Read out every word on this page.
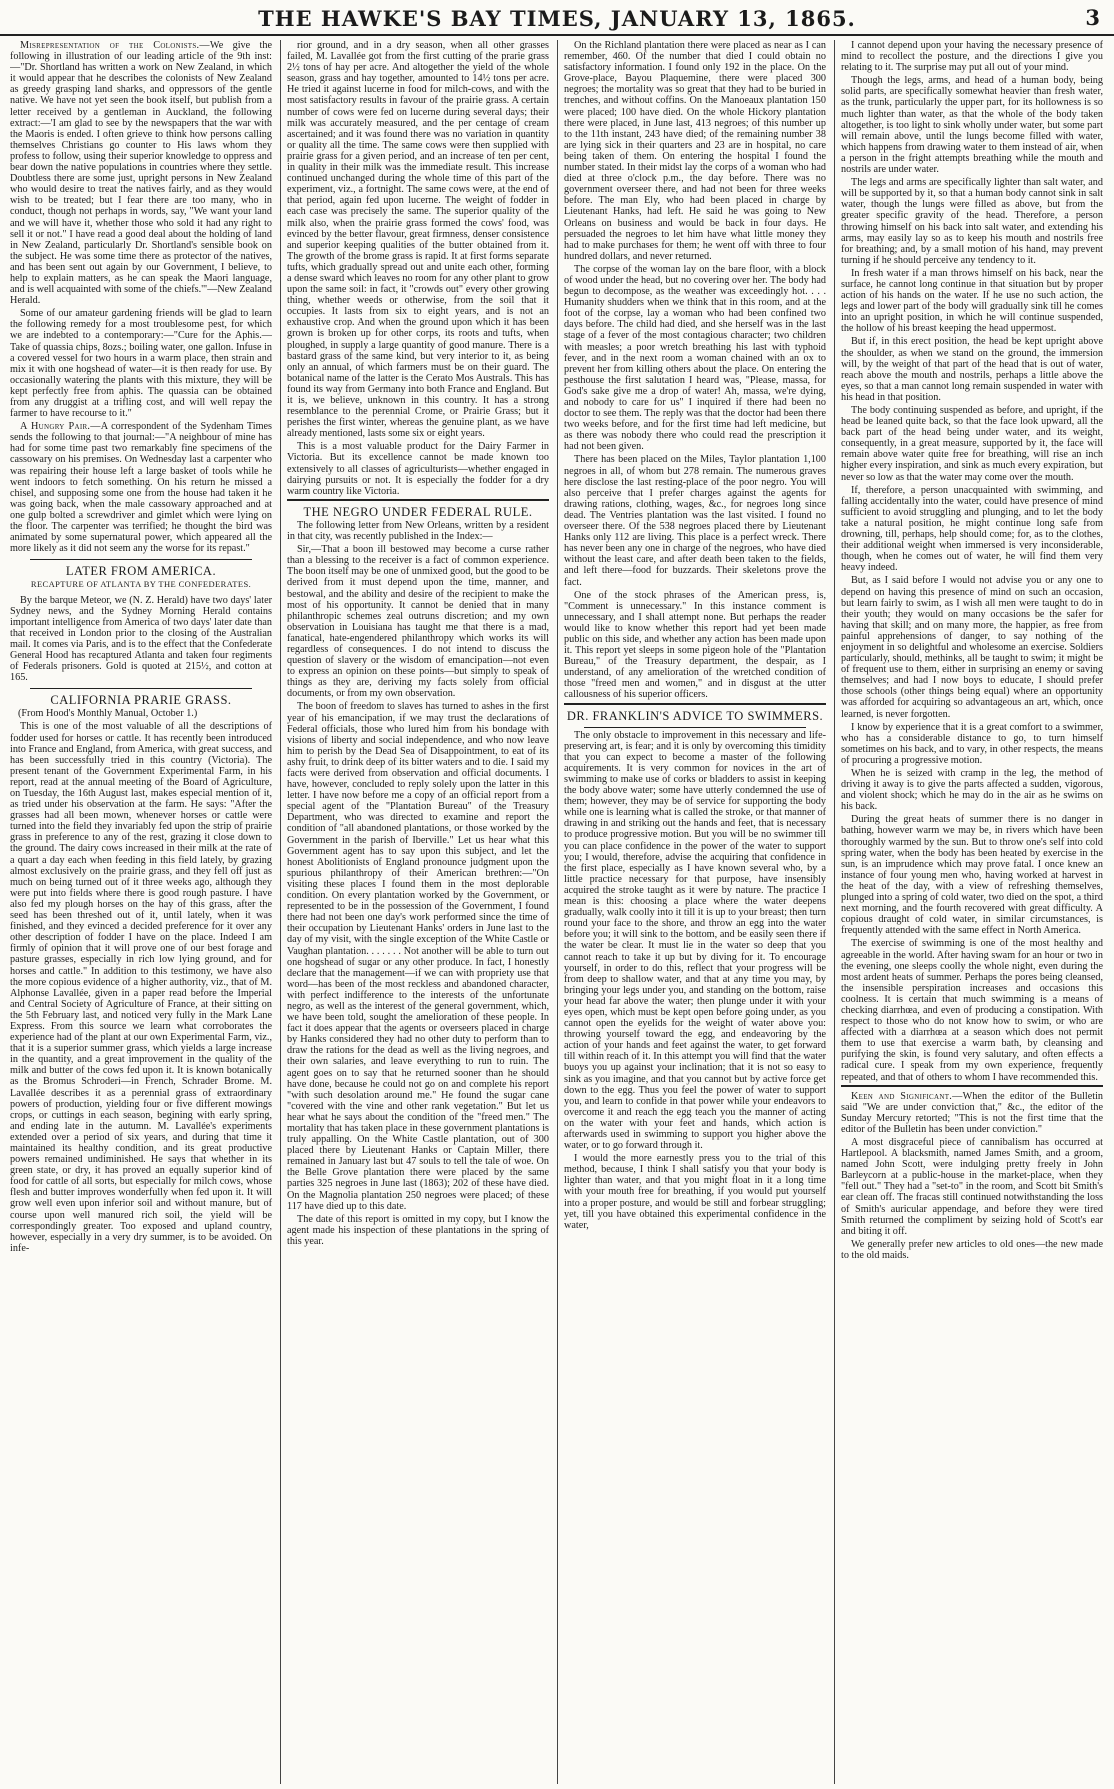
THE HAWKE'S BAY TIMES, JANUARY 13, 1865.	3

Misrepresentation of the Colonists.—We give the following in illustration of our leading article of the 9th inst:—"Dr. Shortland has written a work on New Zealand, in which it would appear that he describes the colonists of New Zealand as greedy grasping land sharks, and oppressors of the gentle native. We have not yet seen the book itself, but publish from a letter received by a gentleman in Auckland, the following extract:—'I am glad to see by the newspapers that the war with the Maoris is ended. I often grieve to think how persons calling themselves Christians go counter to His laws whom they profess to follow, using their superior knowledge to oppress and bear down the native populations in countries where they settle. Doubtless there are some just, upright persons in New Zealand who would desire to treat the natives fairly, and as they would wish to be treated; but I fear there are too many, who in conduct, though not perhaps in words, say, "We want your land and we will have it, whether those who sold it had any right to sell it or not." I have read a good deal about the holding of land in New Zealand, particularly Dr. Shortland's sensible book on the subject. He was some time there as protector of the natives, and has been sent out again by our Government, I believe, to help to explain matters, as he can speak the Maori language, and is well acquainted with some of the chiefs.'"—New Zealand Herald.

Some of our amateur gardening friends will be glad to learn the following remedy for a most troublesome pest, for which we are indebted to a contemporary:—"Cure for the Aphis.—Take of quassia chips, 8ozs.; boiling water, one gallon. Infuse in a covered vessel for two hours in a warm place, then strain and mix it with one hogshead of water—it is then ready for use. By occasionally watering the plants with this mixture, they will be kept perfectly free from aphis. The quassia can be obtained from any druggist at a trifling cost, and will well repay the farmer to have recourse to it."

A Hungry Pair.—A correspondent of the Sydenham Times sends the following to that journal:—"A neighbour of mine has had for some time past two remarkably fine specimens of the cassowary on his premises. On Wednesday last a carpenter who was repairing their house left a large basket of tools while he went indoors to fetch something. On his return he missed a chisel, and supposing some one from the house had taken it he was going back, when the male cassowary approached and at one gulp bolted a screwdriver and gimlet which were lying on the floor. The carpenter was terrified; he thought the bird was animated by some supernatural power, which appeared all the more likely as it did not seem any the worse for its repast."

LATER FROM AMERICA.
RECAPTURE OF ATLANTA BY THE CONFEDERATES.

By the barque Meteor, we (N. Z. Herald) have two days' later Sydney news, and the Sydney Morning Herald contains important intelligence from America of two days' later date than that received in London prior to the closing of the Australian mail. It comes via Paris, and is to the effect that the Confederate General Hood has recaptured Atlanta and taken four regiments of Federals prisoners. Gold is quoted at 215½, and cotton at 165.

CALIFORNIA PRARIE GRASS.

(From Hood's Monthly Manual, October 1.)

This is one of the most valuable of all the descriptions of fodder used for horses or cattle. It has recently been introduced into France and England, from America, with great success, and has been successfully tried in this country (Victoria). The present tenant of the Government Experimental Farm, in his report, read at the annual meeting of the Board of Agriculture, on Tuesday, the 16th August last, makes especial mention of it, as tried under his observation at the farm. He says: "After the grasses had all been mown, whenever horses or cattle were turned into the field they invariably fed upon the strip of prairie grass in preference to any of the rest, grazing it close down to the ground. The dairy cows increased in their milk at the rate of a quart a day each when feeding in this field lately, by grazing almost exclusively on the prairie grass, and they fell off just as much on being turned out of it three weeks ago, although they were put into fields where there is good rough pasture. I have also fed my plough horses on the hay of this grass, after the seed has been threshed out of it, until lately, when it was finished, and they evinced a decided preference for it over any other description of fodder I have on the place. Indeed I am firmly of opinion that it will prove one of our best forage and pasture grasses, especially in rich low lying ground, and for horses and cattle." In addition to this testimony, we have also the more copious evidence of a higher authority, viz., that of M. Alphonse Lavallée, given in a paper read before the Imperial and Central Society of Agriculture of France, at their sitting on the 5th February last, and noticed very fully in the Mark Lane Express. From this source we learn what corroborates the experience had of the plant at our own Experimental Farm, viz., that it is a superior summer grass, which yields a large increase in the quantity, and a great improvement in the quality of the milk and butter of the cows fed upon it. It is known botanically as the Bromus Schroderi—in French, Schrader Brome. M. Lavallée describes it as a perennial grass of extraordinary powers of production, yielding four or five different mowings crops, or cuttings in each season, begining with early spring, and ending late in the autumn. M. Lavallée's experiments extended over a period of six years, and during that time it maintained its healthy condition, and its great productive powers remained undiminished. He says that whether in its green state, or dry, it has proved an equally superior kind of food for cattle of all sorts, but especially for milch cows, whose flesh and butter improves wonderfully when fed upon it. It will grow well even upon inferior soil and without manure, but of course upon well manured rich soil, the yield will be correspondingly greater. Too exposed and upland country, however, especially in a very dry summer, is to be avoided. On infe-

rior ground, and in a dry season, when all other grasses failed, M. Lavallée got from the first cutting of the prarie grass 2½ tons of hay per acre. And altogether the yield of the whole season, grass and hay together, amounted to 14½ tons per acre. He tried it against lucerne in food for milch-cows, and with the most satisfactory results in favour of the prairie grass. A certain number of cows were fed on lucerne during several days; their milk was accurately measured, and the per centage of cream ascertained; and it was found there was no variation in quantity or quality all the time. The same cows were then supplied with prairie grass for a given period, and an increase of ten per cent, in quality in their milk was the immediate result. This increase continued unchanged during the whole time of this part of the experiment, viz., a fortnight. The same cows were, at the end of that period, again fed upon lucerne. The weight of fodder in each case was precisely the same. The superior quality of the milk also, when the prairie grass formed the cows' food, was evinced by the better flavour, great firmness, denser consistence and superior keeping qualities of the butter obtained from it. The growth of the brome grass is rapid. It at first forms separate tufts, which gradually spread out and unite each other, forming a dense sward which leaves no room for any other plant to grow upon the same soil: in fact, it "crowds out" every other growing thing, whether weeds or otherwise, from the soil that it occupies. It lasts from six to eight years, and is not an exhaustive crop. And when the ground upon which it has been grown is broken up for other corps, its roots and tufts, when ploughed, in supply a large quantity of good manure. There is a bastard grass of the same kind, but very interior to it, as being only an annual, of which farmers must be on their guard. The botanical name of the latter is the Cerato Mos Australs. This has found its way from Germany into both France and England. But it is, we believe, unknown in this country. It has a strong resemblance to the perennial Crome, or Prairie Grass; but it perishes the first winter, whereas the genuine plant, as we have already mentioned, lasts some six or eight years.

This is a most valuable product for the Dairy Farmer in Victoria. But its excellence cannot be made known too extensively to all classes of agriculturists—whether engaged in dairying pursuits or not. It is especially the fodder for a dry warm country like Victoria.

THE NEGRO UNDER FEDERAL RULE.

The following letter from New Orleans, written by a resident in that city, was recently published in the Index:—

Sir,—That a boon ill bestowed may become a curse rather than a blessing to the receiver is a fact of common experience. The boon itself may be one of unmixed good, but the good to be derived from it must depend upon the time, manner, and bestowal, and the ability and desire of the recipient to make the most of his opportunity. It cannot be denied that in many philanthropic schemes zeal outruns discretion; and my own observation in Louisiana has taught me that there is a mad, fanatical, hate-engendered philanthropy which works its will regardless of consequences. I do not intend to discuss the question of slavery or the wisdom of emancipation—not even to express an opinion on these points—but simply to speak of things as they are, deriving my facts solely from official documents, or from my own observation.

The boon of freedom to slaves has turned to ashes in the first year of his emancipation, if we may trust the declarations of Federal officials, those who lured him from his bondage with visions of liberty and social independence, and who now leave him to perish by the Dead Sea of Disappointment, to eat of its ashy fruit, to drink deep of its bitter waters and to die. I said my facts were derived from observation and official documents. I have, however, concluded to reply solely upon the latter in this letter. I have now before me a copy of an official report from a special agent of the "Plantation Bureau" of the Treasury Department, who was directed to examine and report the condition of "all abandoned plantations, or those worked by the Government in the parish of Iberville." Let us hear what this Government agent has to say upon this subject, and let the honest Abolitionists of England pronounce judgment upon the spurious philanthropy of their American brethren:—"On visiting these places I found them in the most deplorable condition. On every plantation worked by the Government, or represented to be in the possession of the Government, I found there had not been one day's work performed since the time of their occupation by Lieutenant Hanks' orders in June last to the day of my visit, with the single exception of the White Castle or Vaughan plantation. . . . . . . Not another will be able to turn out one hogshead of sugar or any other produce. In fact, I honestly declare that the management—if we can with propriety use that word—has been of the most reckless and abandoned character, with perfect indifference to the interests of the unfortunate negro, as well as the interest of the general government, which, we have been told, sought the amelioration of these people. In fact it does appear that the agents or overseers placed in charge by Hanks considered they had no other duty to perform than to draw the rations for the dead as well as the living negroes, and their own salaries, and leave everything to run to ruin. The agent goes on to say that he returned sooner than he should have done, because he could not go on and complete his report "with such desolation around me." He found the sugar cane "covered with the vine and other rank vegetation." But let us hear what he says about the condition of the "freed men." The mortality that has taken place in these government plantations is truly appalling. On the White Castle plantation, out of 300 placed there by Lieutenant Hanks or Captain Miller, there remained in January last but 47 souls to tell the tale of woe. On the Belle Grove plantation there were placed by the same parties 325 negroes in June last (1863); 202 of these have died. On the Magnolia plantation 250 negroes were placed; of these 117 have died up to this date.

The date of this report is omitted in my copy, but I know the agent made his inspection of these plantations in the spring of this year.

On the Richland plantation there were placed as near as I can remember, 460. Of the number that died I could obtain no satisfactory information. I found only 192 in the place. On the Grove-place, Bayou Plaquemine, there were placed 300 negroes; the mortality was so great that they had to be buried in trenches, and without coffins. On the Manoeaux plantation 150 were placed; 100 have died. On the whole Hickory plantation there were placed, in June last, 413 negroes; of this number up to the 11th instant, 243 have died; of the remaining number 38 are lying sick in their quarters and 23 are in hospital, no care being taken of them. On entering the hospital I found the number stated. In their midst lay the corps of a woman who had died at three o'clock p.m., the day before. There was no government overseer there, and had not been for three weeks before. The man Ely, who had been placed in charge by Lieutenant Hanks, had left. He said he was going to New Orleans on business and would be back in four days. He persuaded the negroes to let him have what little money they had to make purchases for them; he went off with three to four hundred dollars, and never returned.

The corpse of the woman lay on the bare floor, with a block of wood under the head, but no covering over her. The body had begun to decompose, as the weather was exceedingly hot. . . . Humanity shudders when we think that in this room, and at the foot of the corpse, lay a woman who had been confined two days before. The child had died, and she herself was in the last stage of a fever of the most contagious character; two children with measles; a poor wretch breathing his last with typhoid fever, and in the next room a woman chained with an ox to prevent her from killing others about the place. On entering the pesthouse the first salutation I heard was, "Please, massa, for God's sake give me a drop of water! Ah, massa, we're dying, and nobody to care for us" I inquired if there had been no doctor to see them. The reply was that the doctor had been there two weeks before, and for the first time had left medicine, but as there was nobody there who could read the prescription it had not been given.

There has been placed on the Miles, Taylor plantation 1,100 negroes in all, of whom but 278 remain. The numerous graves here disclose the last resting-place of the poor negro. You will also perceive that I prefer charges against the agents for drawing rations, clothing, wages, &c., for negroes long since dead. The Ventries plantation was the last visited. I found no overseer there. Of the 538 negroes placed there by Lieutenant Hanks only 112 are living. This place is a perfect wreck. There has never been any one in charge of the negroes, who have died without the least care, and after death been taken to the fields, and left there—food for buzzards. Their skeletons prove the fact.

One of the stock phrases of the American press, is, "Comment is unnecessary." In this instance comment is unnecessary, and I shall attempt none. But perhaps the reader would like to know whether this report had yet been made public on this side, and whether any action has been made upon it. This report yet sleeps in some pigeon hole of the "Plantation Bureau," of the Treasury department, the despair, as I understand, of any amelioration of the wretched condition of those "freed men and women," and in disgust at the utter callousness of his superior officers.

DR. FRANKLIN'S ADVICE TO SWIMMERS.

The only obstacle to improvement in this necessary and life-preserving art, is fear; and it is only by overcoming this timidity that you can expect to become a master of the following acquirements. It is very common for novices in the art of swimming to make use of corks or bladders to assist in keeping the body above water; some have utterly condemned the use of them; however, they may be of service for supporting the body while one is learning what is called the stroke, or that manner of drawing in and striking out the hands and feet, that is necessary to produce progressive motion. But you will be no swimmer till you can place confidence in the power of the water to support you; I would, therefore, advise the acquiring that confidence in the first place, especially as I have known several who, by a little practice necessary for that purpose, have insensibly acquired the stroke taught as it were by nature. The practice I mean is this: choosing a place where the water deepens gradually, walk coolly into it till it is up to your breast; then turn round your face to the shore, and throw an egg into the water before you; it will sink to the bottom, and be easily seen there if the water be clear. It must lie in the water so deep that you cannot reach to take it up but by diving for it. To encourage yourself, in order to do this, reflect that your progress will be from deep to shallow water, and that at any time you may, by bringing your legs under you, and standing on the bottom, raise your head far above the water; then plunge under it with your eyes open, which must be kept open before going under, as you cannot open the eyelids for the weight of water above you: throwing yourself toward the egg, and endeavoring by the action of your hands and feet against the water, to get forward till within reach of it. In this attempt you will find that the water buoys you up against your inclination; that it is not so easy to sink as you imagine, and that you cannot but by active force get down to the egg. Thus you feel the power of water to support you, and learn to confide in that power while your endeavors to overcome it and reach the egg teach you the manner of acting on the water with your feet and hands, which action is afterwards used in swimming to support you higher above the water, or to go forward through it.

I would the more earnestly press you to the trial of this method, because, I think I shall satisfy you that your body is lighter than water, and that you might float in it a long time with your mouth free for breathing, if you would put yourself into a proper posture, and would be still and forbear struggling; yet, till you have obtained this experimental confidence in the water,

I cannot depend upon your having the necessary presence of mind to recollect the posture, and the directions I give you relating to it. The surprise may put all out of your mind.

Though the legs, arms, and head of a human body, being solid parts, are specifically somewhat heavier than fresh water, as the trunk, particularly the upper part, for its hollowness is so much lighter than water, as that the whole of the body taken altogether, is too light to sink wholly under water, but some part will remain above, until the lungs become filled with water, which happens from drawing water to them instead of air, when a person in the fright attempts breathing while the mouth and nostrils are under water.

The legs and arms are specifically lighter than salt water, and will be supported by it, so that a human body cannot sink in salt water, though the lungs were filled as above, but from the greater specific gravity of the head. Therefore, a person throwing himself on his back into salt water, and extending his arms, may easily lay so as to keep his mouth and nostrils free for breathing; and, by a small motion of his hand, may prevent turning if he should perceive any tendency to it.

In fresh water if a man throws himself on his back, near the surface, he cannot long continue in that situation but by proper action of his hands on the water. If he use no such action, the legs and lower part of the body will gradually sink till he comes into an upright position, in which he will continue suspended, the hollow of his breast keeping the head uppermost.

But if, in this erect position, the head be kept upright above the shoulder, as when we stand on the ground, the immersion will, by the weight of that part of the head that is out of water, reach above the mouth and nostrils, perhaps a little above the eyes, so that a man cannot long remain suspended in water with his head in that position.

The body continuing suspended as before, and upright, if the head be leaned quite back, so that the face look upward, all the back part of the head being under water, and its weight, consequently, in a great measure, supported by it, the face will remain above water quite free for breathing, will rise an inch higher every inspiration, and sink as much every expiration, but never so low as that the water may come over the mouth.

If, therefore, a person unacquainted with swimming, and falling accidentally into the water, could have presence of mind sufficient to avoid struggling and plunging, and to let the body take a natural position, he might continue long safe from drowning, till, perhaps, help should come; for, as to the clothes, their additional weight when immersed is very inconsiderable, though, when he comes out of water, he will find them very heavy indeed.

But, as I said before I would not advise you or any one to depend on having this presence of mind on such an occasion, but learn fairly to swim, as I wish all men were taught to do in their youth; they would on many occasions be the safer for having that skill; and on many more, the happier, as free from painful apprehensions of danger, to say nothing of the enjoyment in so delightful and wholesome an exercise. Soldiers particularly, should, methinks, all be taught to swim; it might be of frequent use to them, either in surprising an enemy or saving themselves; and had I now boys to educate, I should prefer those schools (other things being equal) where an opportunity was afforded for acquiring so advantageous an art, which, once learned, is never forgotten.

I know by experience that it is a great comfort to a swimmer, who has a considerable distance to go, to turn himself sometimes on his back, and to vary, in other respects, the means of procuring a progressive motion.

When he is seized with cramp in the leg, the method of driving it away is to give the parts affected a sudden, vigorous, and violent shock; which he may do in the air as he swims on his back.

During the great heats of summer there is no danger in bathing, however warm we may be, in rivers which have been thoroughly warmed by the sun. But to throw one's self into cold spring water, when the body has been heated by exercise in the sun, is an imprudence which may prove fatal. I once knew an instance of four young men who, having worked at harvest in the heat of the day, with a view of refreshing themselves, plunged into a spring of cold water, two died on the spot, a third next morning, and the fourth recovered with great difficulty. A copious draught of cold water, in similar circumstances, is frequently attended with the same effect in North America.

The exercise of swimming is one of the most healthy and agreeable in the world. After having swam for an hour or two in the evening, one sleeps coolly the whole night, even during the most ardent heats of summer. Perhaps the pores being cleansed, the insensible perspiration increases and occasions this coolness. It is certain that much swimming is a means of checking diarrhœa, and even of producing a constipation. With respect to those who do not know how to swim, or who are affected with a diarrhœa at a season which does not permit them to use that exercise a warm bath, by cleansing and purifying the skin, is found very salutary, and often effects a radical cure. I speak from my own experience, frequently repeated, and that of others to whom I have recommended this.

Keen and Significant.—When the editor of the Bulletin said "We are under conviction that," &c., the editor of the Sunday Mercury retorted; "This is not the first time that the editor of the Bulletin has been under conviction."

A most disgraceful piece of cannibalism has occurred at Hartlepool. A blacksmith, named James Smith, and a groom, named John Scott, were indulging pretty freely in John Barleycorn at a public-house in the market-place, when they "fell out." They had a "set-to" in the room, and Scott bit Smith's ear clean off. The fracas still continued notwithstanding the loss of Smith's auricular appendage, and before they were tired Smith returned the compliment by seizing hold of Scott's ear and biting it off.

We generally prefer new articles to old ones—the new made to the old maids.
